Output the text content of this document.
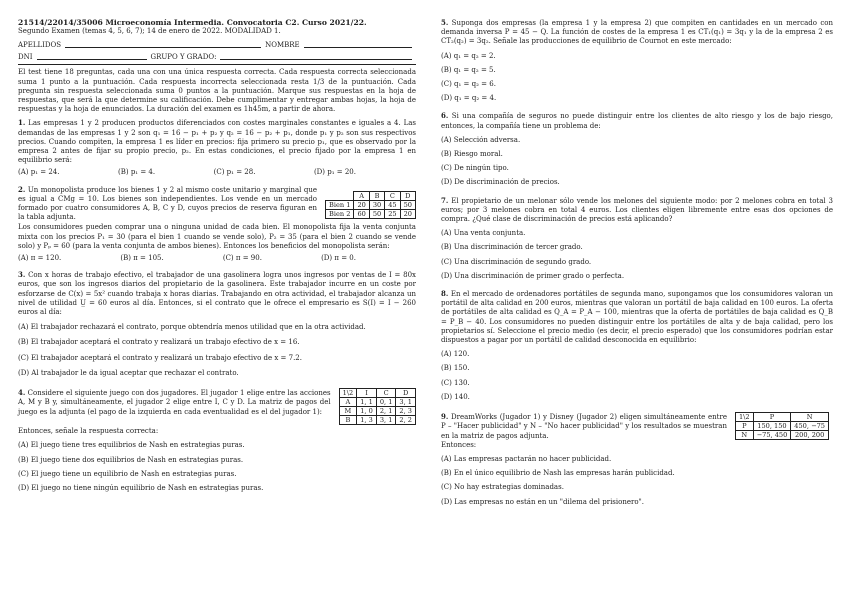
21514/22014/35006 Microeconomía Intermedia. Convocatoria C2. Curso 2021/22.
Segundo Examen (temas 4, 5, 6, 7); 14 de enero de 2022. MODALIDAD 1.
APELLIDOS	NOMBRE
DNI	GRUPO Y GRADO:

El test tiene 18 preguntas, cada una con una única respuesta correcta. Cada respuesta correcta seleccionada suma 1 punto a la puntuación. Cada respuesta incorrecta seleccionada resta 1/3 de la puntuación. Cada pregunta sin respuesta seleccionada suma 0 puntos a la puntuación. Marque sus respuestas en la hoja de respuestas, que será la que determine su calificación. Debe cumplimentar y entregar ambas hojas, la hoja de respuestas y la hoja de enunciados. La duración del examen es 1h45m, a partir de ahora.

1. Las empresas 1 y 2 producen productos diferenciados con costes marginales constantes e iguales a 4. Las demandas de las empresas 1 y 2 son q₁ = 16 − p₁ + p₂ y q₂ = 16 − p₂ + p₁, donde p₁ y p₂ son sus respectivos precios. Cuando compiten, la empresa 1 es líder en precios: fija primero su precio p₁, que es observado por la empresa 2 antes de fijar su propio precio, p₂. En estas condiciones, el precio fijado por la empresa 1 en equilibrio será:

(A) p₁ = 24.	(B) p₁ = 4.	(C) p₁ = 28.	(D) p₁ = 20.

2. Un monopolista produce los bienes 1 y 2 al mismo coste unitario y marginal que es igual a CMg = 10. Los bienes son independientes. Los vende en un mercado formado por cuatro consumidores A, B, C y D, cuyos precios de reserva figuran en la tabla adjunta.

	A	B	C	D
Bien 1	20	30	45	50
Bien 2	60	50	25	20

Los consumidores pueden comprar una o ninguna unidad de cada bien. El monopolista fija la venta conjunta mixta con los precios P₁ = 30 (para el bien 1 cuando se vende solo), P₂ = 35 (para el bien 2 cuando se vende solo) y Pₚ = 60 (para la venta conjunta de ambos bienes). Entonces los beneficios del monopolista serán:

(A) π = 120.	(B) π = 105.	(C) π = 90.	(D) π = 0.

3. Con x horas de trabajo efectivo, el trabajador de una gasolinera logra unos ingresos por ventas de I = 80x euros, que son los ingresos diarios del propietario de la gasolinera. Este trabajador incurre en un coste por esforzarse de C(x) = 5x² cuando trabaja x horas diarias. Trabajando en otra actividad, el trabajador alcanza un nivel de utilidad U̲ = 60 euros al día. Entonces, si el contrato que le ofrece el empresario es S(I) = I − 260 euros al día:

(A) El trabajador rechazará el contrato, porque obtendría menos utilidad que en la otra actividad.
(B) El trabajador aceptará el contrato y realizará un trabajo efectivo de x = 16.
(C) El trabajador aceptará el contrato y realizará un trabajo efectivo de x = 7.2.
(D) Al trabajador le da igual aceptar que rechazar el contrato.

4. Considere el siguiente juego con dos jugadores. El jugador 1 elige entre las acciones A, M y B y, simultáneamente, el jugador 2 elige entre I, C y D. La matriz de pagos del juego es la adjunta (el pago de la izquierda en cada eventualidad es el del jugador 1):

1\2	I	C	D
A	1, 1	0, 1	3, 1
M	1, 0	2, 1	2, 3
B	1, 3	3, 1	2, 2

Entonces, señale la respuesta correcta:

(A) El juego tiene tres equilibrios de Nash en estrategias puras.
(B) El juego tiene dos equilibrios de Nash en estrategias puras.
(C) El juego tiene un equilibrio de Nash en estrategias puras.
(D) El juego no tiene ningún equilibrio de Nash en estrategias puras.

5. Suponga dos empresas (la empresa 1 y la empresa 2) que compiten en cantidades en un mercado con demanda inversa P = 45 − Q. La función de costes de la empresa 1 es CT₁(q₁) = 3q₁ y la de la empresa 2 es CT₂(q₂) = 3q₂. Señale las producciones de equilibrio de Cournot en este mercado:

(A) q₁ = q₂ = 2.
(B) q₁ = q₂ = 5.
(C) q₁ = q₂ = 6.
(D) q₁ = q₂ = 4.

6. Si una compañía de seguros no puede distinguir entre los clientes de alto riesgo y los de bajo riesgo, entonces, la compañía tiene un problema de:

(A) Selección adversa.
(B) Riesgo moral.
(C) De ningún tipo.
(D) De discriminación de precios.

7. El propietario de un melonar sólo vende los melones del siguiente modo: por 2 melones cobra en total 3 euros; por 3 melones cobra en total 4 euros. Los clientes eligen libremente entre esas dos opciones de compra. ¿Qué clase de discriminación de precios está aplicando?

(A) Una venta conjunta.
(B) Una discriminación de tercer grado.
(C) Una discriminación de segundo grado.
(D) Una discriminación de primer grado o perfecta.

8. En el mercado de ordenadores portátiles de segunda mano, supongamos que los consumidores valoran un portátil de alta calidad en 200 euros, mientras que valoran un portátil de baja calidad en 100 euros. La oferta de portátiles de alta calidad es Q_A = P_A − 100, mientras que la oferta de portátiles de baja calidad es Q_B = P_B − 40. Los consumidores no pueden distinguir entre los portátiles de alta y de baja calidad, pero los propietarios sí. Seleccione el precio medio (es decir, el precio esperado) que los consumidores podrían estar dispuestos a pagar por un portátil de calidad desconocida en equilibrio:

(A) 120.
(B) 150.
(C) 130.
(D) 140.

9. DreamWorks (Jugador 1) y Disney (Jugador 2) eligen simultáneamente entre P – "Hacer publicidad" y N – "No hacer publicidad" y los resultados se muestran en la matriz de pagos adjunta.

1\2	P	N
P	150, 150	450, −75
N	−75, 450	200, 200

Entonces:

(A) Las empresas pactarán no hacer publicidad.
(B) En el único equilibrio de Nash las empresas harán publicidad.
(C) No hay estrategias dominadas.
(D) Las empresas no están en un "dilema del prisionero".
